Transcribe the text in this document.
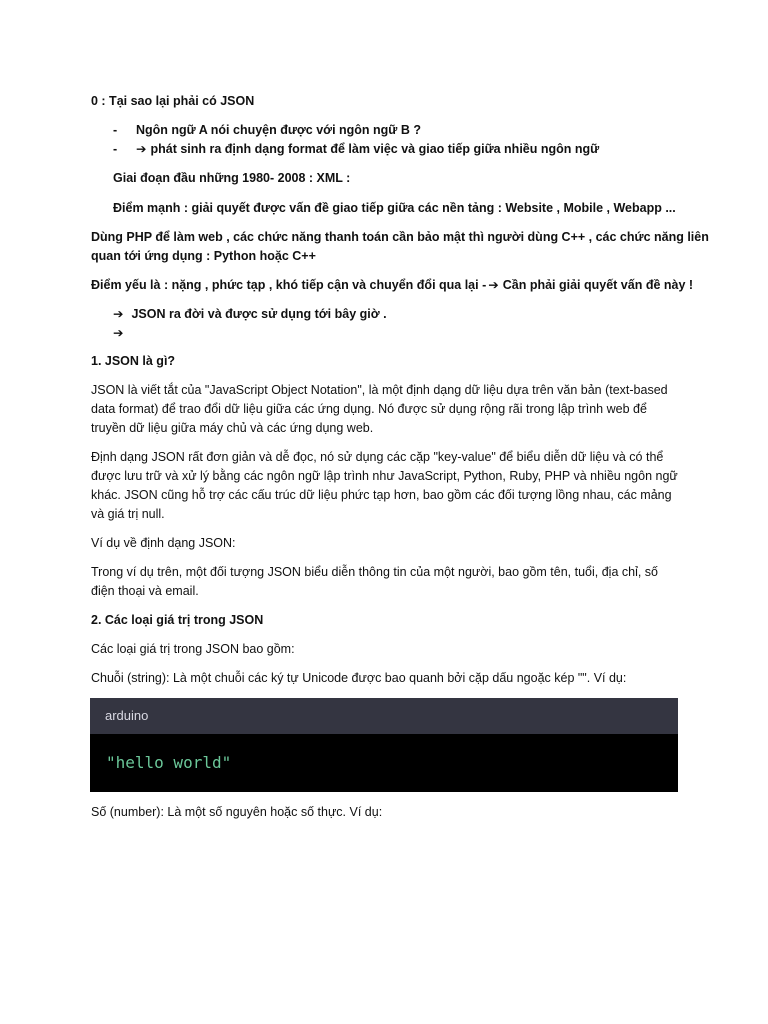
0 : Tại sao lại phải có JSON
- Ngôn ngữ A nói chuyện được với ngôn ngữ B ?
- ➔ phát sinh ra định dạng format để làm việc và giao tiếp giữa nhiều ngôn ngữ
Giai đoạn đầu những 1980- 2008 : XML :
Điểm mạnh : giải quyết được vấn đề giao tiếp giữa các nền tảng : Website , Mobile , Webapp ...
Dùng PHP để làm web , các chức năng thanh toán cần bảo mật thì người dùng C++ , các chức năng liên
quan tới ứng dụng : Python hoặc C++
Điểm yếu là : nặng , phức tạp , khó tiếp cận và chuyển đổi qua lại - ➔ Cần phải giải quyết vấn đề này !
➔ JSON ra đời và được sử dụng tới bây giờ .
➔
1. JSON là gì?
JSON là viết tắt của "JavaScript Object Notation", là một định dạng dữ liệu dựa trên văn bản (text-based
data format) để trao đổi dữ liệu giữa các ứng dụng. Nó được sử dụng rộng rãi trong lập trình web để
truyền dữ liệu giữa máy chủ và các ứng dụng web.
Định dạng JSON rất đơn giản và dễ đọc, nó sử dụng các cặp "key-value" để biểu diễn dữ liệu và có thể
được lưu trữ và xử lý bằng các ngôn ngữ lập trình như JavaScript, Python, Ruby, PHP và nhiều ngôn ngữ
khác. JSON cũng hỗ trợ các cấu trúc dữ liệu phức tạp hơn, bao gồm các đối tượng lồng nhau, các mảng
và giá trị null.
Ví dụ về định dạng JSON:
Trong ví dụ trên, một đối tượng JSON biểu diễn thông tin của một người, bao gồm tên, tuổi, địa chỉ, số
điện thoại và email.
2. Các loại giá trị trong JSON
Các loại giá trị trong JSON bao gồm:
Chuỗi (string): Là một chuỗi các ký tự Unicode được bao quanh bởi cặp dấu ngoặc kép "". Ví dụ:
arduino
"hello world"
Số (number): Là một số nguyên hoặc số thực. Ví dụ:
